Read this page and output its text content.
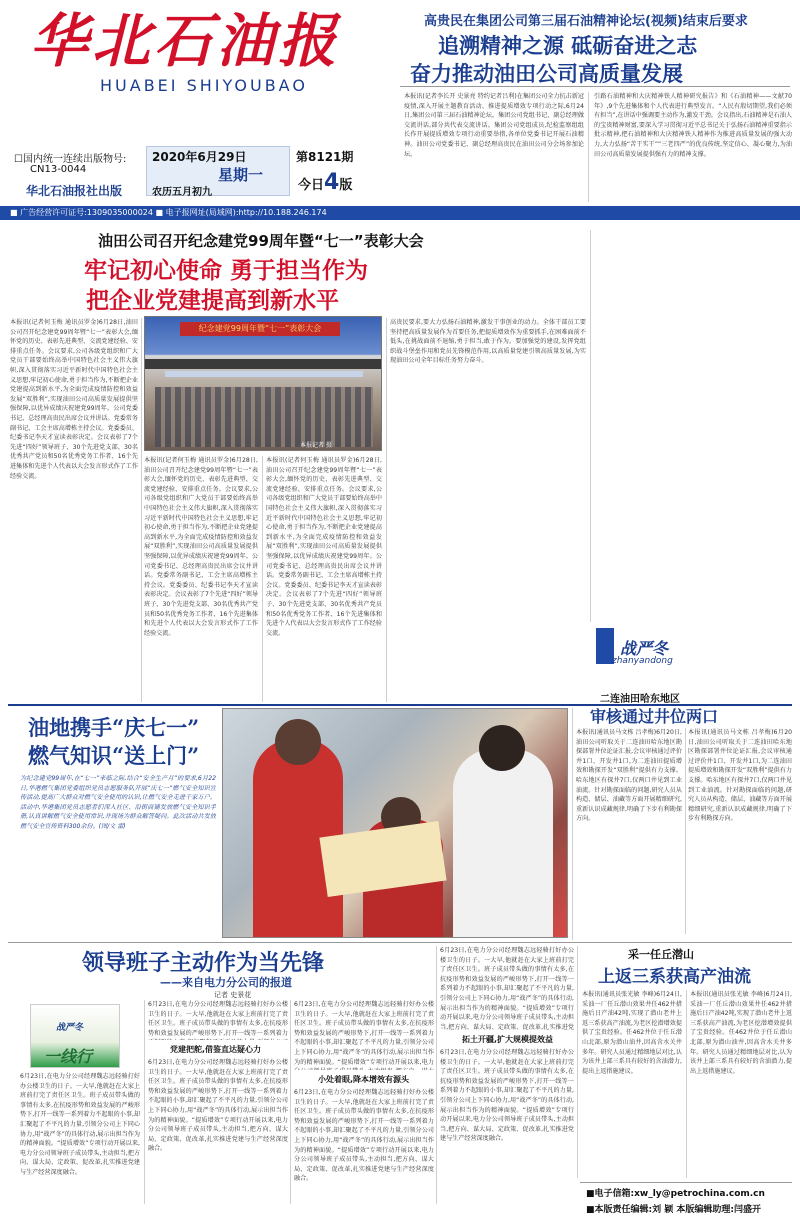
华北石油报
HUABEI SHIYOUBAO
☐国内统一连续出版物号:
CN13-0044
华北石油报社出版
2020年6月29日
星期一
农历五月初九
第8121期
今日4版
■ 广告经营许可证号:1309035000024 ■ 电子报网址(局域网):http://10.188.246.174
高贵民在集团公司第三届石油精神论坛(视频)结束后要求
追溯精神之源 砥砺奋进之志
奋力推动油田公司高质量发展
本报讯(记者李长开 史景亮 特约记者吕利)在集团公司全力抗击新冠疫情,深入开展主题教育活动、推进提质增效专项行动之际,6月24日,集团公司第三届石油精神论坛。集团公司党组书记、副总经理做交流讲话,部分共代表交流讲话。集团公司党组成员,纪检监察组组长作开展提质增效专项行动重要举措,各单位党委书记开展石油精神。油田公司党委书记、副总经理高贵民在油田公司分会场参加论坛。
引路石油精神和大庆精神铁人精神研究报告》和《石油精神——文献70年》,9个先进集体和个人代表进行典型发言。“人民有殷切期望,我们必须有担当”,在讲话中强调要主动作为,激发干劲。会议指出,石油精神是石油人的宝贵精神财富,要深入学习贯彻习近平总书记关于弘扬石油精神重要指示批示精神,把石油精神和大庆精神铁人精神作为推进高质量发展的强大动力,大力弘扬“苦干实干”“三老四严”的优良传统,坚定信心、凝心聚力,为油田公司高质量发展提供强有力的精神支撑。
油田公司召开纪念建党99周年暨“七一”表彰大会
牢记初心使命 勇于担当作为
把企业党建提高到新水平
本报讯(记者何玉梅 通讯员罗金)6月28日,油田公司召开纪念建党99周年暨“七一”表彰大会,缅怀党的历史、表彰先进典型、交流党建经验、安排重点任务。会议要求,公司各级党组织和广大党员干部要始终高举中国特色社会主义伟大旗帜,深入贯彻落实习近平新时代中国特色社会主义思想,牢记初心使命,勇于担当作为,不断把企业党建提高到新水平,为全面完成疫情防控和效益发展“双胜利”,实现油田公司高质量发展提供坚强保障,以优异成绩庆祝建党99周年。公司党委书记、总经理高贵民出席会议并讲话。党委常务副书记、工会主席高增栋主持会议。党委委员、纪委书记李天才宣读表彰决定。会议表彰了7个先进“四好”领导班子、30个先进党支部、30名优秀共产党员和50名优秀党务工作者、16个先进集体和先进个人代表以大会发言形式作了工作经验交流。
纪念建党99周年暨“七一”表彰大会
本报记者 摄
本报讯(记者何玉梅 通讯员罗金)6月28日,油田公司召开纪念建党99周年暨“七一”表彰大会,缅怀党的历史、表彰先进典型、交流党建经验、安排重点任务。会议要求,公司各级党组织和广大党员干部要始终高举中国特色社会主义伟大旗帜,深入贯彻落实习近平新时代中国特色社会主义思想,牢记初心使命,勇于担当作为,不断把企业党建提高到新水平,为全面完成疫情防控和效益发展“双胜利”,实现油田公司高质量发展提供坚强保障,以优异成绩庆祝建党99周年。公司党委书记、总经理高贵民出席会议并讲话。党委常务副书记、工会主席高增栋主持会议。党委委员、纪委书记李天才宣读表彰决定。会议表彰了7个先进“四好”领导班子、30个先进党支部、30名优秀共产党员和50名优秀党务工作者、16个先进集体和先进个人代表以大会发言形式作了工作经验交流。
本报讯(记者何玉梅 通讯员罗金)6月28日,油田公司召开纪念建党99周年暨“七一”表彰大会,缅怀党的历史、表彰先进典型、交流党建经验、安排重点任务。会议要求,公司各级党组织和广大党员干部要始终高举中国特色社会主义伟大旗帜,深入贯彻落实习近平新时代中国特色社会主义思想,牢记初心使命,勇于担当作为,不断把企业党建提高到新水平,为全面完成疫情防控和效益发展“双胜利”,实现油田公司高质量发展提供坚强保障,以优异成绩庆祝建党99周年。公司党委书记、总经理高贵民出席会议并讲话。党委常务副书记、工会主席高增栋主持会议。党委委员、纪委书记李天才宣读表彰决定。会议表彰了7个先进“四好”领导班子、30个先进党支部、30名优秀共产党员和50名优秀党务工作者、16个先进集体和先进个人代表以大会发言形式作了工作经验交流。
高贵民要求,要大力弘扬石油精神,激发干事创业的动力。全体干部员工要坚持把高质量发展作为首要任务,把提质增效作为重要抓手,在困难面前不低头,在挑战面前不退缩,勇于担当,敢于作为。要加强党的建设,发挥党组织战斗堡垒作用和党员先锋模范作用,以高质量党建引领高质量发展,为实现油田公司全年目标任务努力奋斗。
战严冬
zhanyandong
油地携手“庆七一”
燃气知识“送上门”
为纪念建党99周年,在“七一”来临之际,结合“安全生产月”的要求,6月22日,华港燃气集团党委组织党员志愿服务队开展“庆七一”燃气安全知识宣传活动,提高广大群众对燃气安全使用的认识,让燃气安全走进千家万户。活动中,华港集团党员志愿者们深入社区、沿街商铺发放燃气安全知识手册,认真讲解燃气安全使用常识,并现场为群众解答疑问。此次活动共发放燃气安全宣传资料300余份。(图/文 雷)
二连油田哈东地区
审核通过井位两口
本报讯(通讯员马文栋 吕孝梅)6月20日,油田公司听取关于二连油田哈东地区勘探部署井位论证汇报,会议审核通过评价井1口、开发井1口,为二连油田提质增效和勘探开发“双胜利”提供有力支撑。哈东地区有探井7口,仅两口井见到工业油流。针对勘探面临的问题,研究人员从构造、储层、油藏等方面开展精细研究,重新认识成藏规律,明确了下步有利勘探方向。
本报讯(通讯员马文栋 吕孝梅)6月20日,油田公司听取关于二连油田哈东地区勘探部署井位论证汇报,会议审核通过评价井1口、开发井1口,为二连油田提质增效和勘探开发“双胜利”提供有力支撑。哈东地区有探井7口,仅两口井见到工业油流。针对勘探面临的问题,研究人员从构造、储层、油藏等方面开展精细研究,重新认识成藏规律,明确了下步有利勘探方向。
领导班子主动作为当先锋
——来自电力分公司的报道
记者 史景花
战严冬
一线行
6月23日,在电力分公司经理魏志远轻骑打好办公楼卫生的日子。一大早,他就赶在大家上班前打完了责任区卫生。班子成员带头做的事情有太多,在抗疫形势和效益发展的严峻形势下,打开一线等一系列着力不起眼的小事,却汇聚起了不平凡的力量,引领分公司上下同心协力,用“战严冬”的具体行动,展示出担当作为的精神面貌。“提质增效”专项行动开展以来,电力分公司领导班子成员带头,主动担当,把方向、谋大局、定政策、促改革,扎实推进党建与生产经营深度融合。
6月23日,在电力分公司经理魏志远轻骑打好办公楼卫生的日子。一大早,他就赶在大家上班前打完了责任区卫生。班子成员带头做的事情有太多,在抗疫形势和效益发展的严峻形势下,打开一线等一系列着力
党建把舵,借鉴直达疑心力
6月23日,在电力分公司经理魏志远轻骑打好办公楼卫生的日子。一大早,他就赶在大家上班前打完了责任区卫生。班子成员带头做的事情有太多,在抗疫形势和效益发展的严峻形势下,打开一线等一系列着力不起眼的小事,却汇聚起了不平凡的力量,引领分公司上下同心协力,用“战严冬”的具体行动,展示出担当作为的精神面貌。“提质增效”专项行动开展以来,电力分公司领导班子成员带头,主动担当,把方向、谋大局、定政策、促改革,扎实推进党建与生产经营深度融合。
6月23日,在电力分公司经理魏志远轻骑打好办公楼卫生的日子。一大早,他就赶在大家上班前打完了责任区卫生。班子成员带头做的事情有太多,在抗疫形势和效益发展的严峻形势下,打开一线等一系列着力不起眼的小事,却汇聚起了不平凡的力量,引领分公司上下同心协力,用“战严冬”的具体行动,展示出担当作为的精神面貌。“提质增效”专项行动开展以来,电力
小处着眼,降本增效有源头
6月23日,在电力分公司经理魏志远轻骑打好办公楼卫生的日子。一大早,他就赶在大家上班前打完了责任区卫生。班子成员带头做的事情有太多,在抗疫形势和效益发展的严峻形势下,打开一线等一系列着力不起眼的小事,却汇聚起了不平凡的力量,引领分公司上下同心协力,用“战严冬”的具体行动,展示出担当作为的精神面貌。“提质增效”专项行动开展以来,电力分公司领导班子成员带头,主动担当,把方向、谋大局、定政策、促改革,扎实推进党建与生产经营深度融合。
6月23日,在电力分公司经理魏志远轻骑打好办公楼卫生的日子。一大早,他就赶在大家上班前打完了责任区卫生。班子成员带头做的事情有太多,在抗疫形势和效益发展的严峻形势下,打开一线等一系列着力不起眼的小事,却汇聚起了不平凡的力量,引领分公司上下同心协力,用“战严冬”的具体行动,展示出担当作为的精神面貌。“提质增效”专项行动开展以来,电力分公司领导班子成员带头,主动担当,把方向、谋大局、定政策、促改革,扎实推进党
拓土开疆,扩大规模提效益
6月23日,在电力分公司经理魏志远轻骑打好办公楼卫生的日子。一大早,他就赶在大家上班前打完了责任区卫生。班子成员带头做的事情有太多,在抗疫形势和效益发展的严峻形势下,打开一线等一系列着力不起眼的小事,却汇聚起了不平凡的力量,引领分公司上下同心协力,用“战严冬”的具体行动,展示出担当作为的精神面貌。“提质增效”专项行动开展以来,电力分公司领导班子成员带头,主动担当,把方向、谋大局、定政策、促改革,扎实推进党建与生产经营深度融合。
采一任丘潜山
上返三系获高产油流
本报讯(通讯员张光敏 李峰)6月24日,采油一厂任丘潜山效果井任462井措施后日产油42吨,实现了潜山老井上返三系获高产油流,为老区挖潜增效提供了宝贵经验。任462井位于任丘潜山北部,原为潜山油井,因高含水关井多年。研究人员通过精细地层对比,认为该井上部三系具有较好的含油潜力,提出上返措施建议。
本报讯(通讯员张光敏 李峰)6月24日,采油一厂任丘潜山效果井任462井措施后日产油42吨,实现了潜山老井上返三系获高产油流,为老区挖潜增效提供了宝贵经验。任462井位于任丘潜山北部,原为潜山油井,因高含水关井多年。研究人员通过精细地层对比,认为该井上部三系具有较好的含油潜力,提出上返措施建议。
■电子信箱:xw_ly@petrochina.com.cn
■本版责任编辑:刘 颖 本版编辑助理:闫盛开
